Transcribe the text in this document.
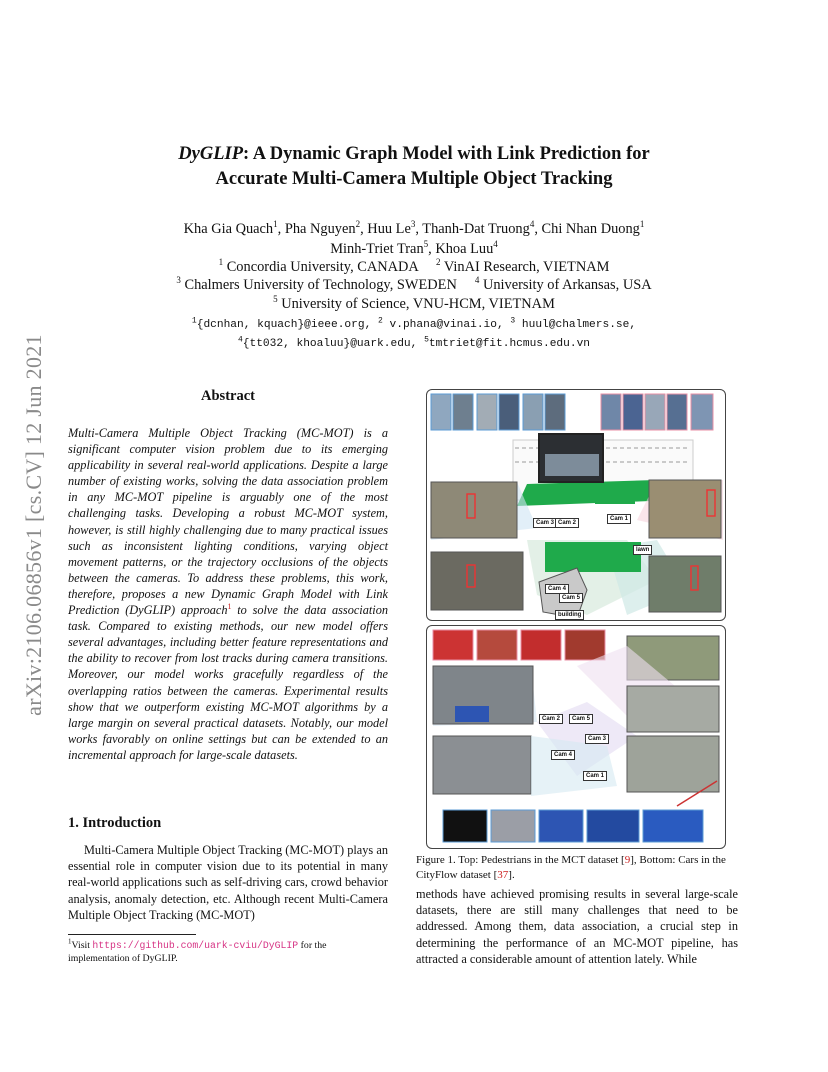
arXiv:2106.06856v1 [cs.CV] 12 Jun 2021
DyGLIP: A Dynamic Graph Model with Link Prediction for
Accurate Multi-Camera Multiple Object Tracking
Kha Gia Quach$^1$, Pha Nguyen$^2$, Huu Le$^3$, Thanh-Dat Truong$^4$, Chi Nhan Duong$^1$
Minh-Triet Tran$^5$, Khoa Luu$^4$
$^1$ Concordia University, CANADA $^2$ VinAI Research, VIETNAM
$^3$ Chalmers University of Technology, SWEDEN $^4$ University of Arkansas, USA
$^5$ University of Science, VNU-HCM, VIETNAM
$^1${dcnhan, kquach}@ieee.org, $^2$ v.phana@vinai.io, $^3$ huul@chalmers.se,
$^4${tt032, khoaluu}@uark.edu, $^5$tmtriet@fit.hcmus.edu.vn
Abstract
Multi-Camera Multiple Object Tracking (MC-MOT) is a significant computer vision problem due to its emerging applicability in several real-world applications. Despite a large number of existing works, solving the data association problem in any MC-MOT pipeline is arguably one of the most challenging tasks. Developing a robust MC-MOT system, however, is still highly challenging due to many practical issues such as inconsistent lighting conditions, varying object movement patterns, or the trajectory occlusions of the objects between the cameras. To address these problems, this work, therefore, proposes a new Dynamic Graph Model with Link Prediction (DyGLIP) approach$^1$ to solve the data association task. Compared to existing methods, our new model offers several advantages, including better feature representations and the ability to recover from lost tracks during camera transitions. Moreover, our model works gracefully regardless of the overlapping ratios between the cameras. Experimental results show that we outperform existing MC-MOT algorithms by a large margin on several practical datasets. Notably, our model works favorably on online settings but can be extended to an incremental approach for large-scale datasets.
1. Introduction
Multi-Camera Multiple Object Tracking (MC-MOT) plays an essential role in computer vision due to its potential in many real-world applications such as self-driving cars, crowd behavior analysis, anomaly detection, etc. Although recent Multi-Camera Multiple Object Tracking (MC-MOT)
$^1$Visit https://github.com/uark-cviu/DyGLIP for the implementation of DyGLIP.
Cam 3 Cam 2
Cam 1
lawn
Cam 4
Cam 5
building
Cam 2	Cam 5
Cam 3
Cam 4
Cam 1
Figure 1. Top: Pedestrians in the MCT dataset [9], Bottom: Cars in the CityFlow dataset [37].
methods have achieved promising results in several large-scale datasets, there are still many challenges that need to be addressed. Among them, data association, a crucial step in determining the performance of an MC-MOT pipeline, has attracted a considerable amount of attention lately. While
